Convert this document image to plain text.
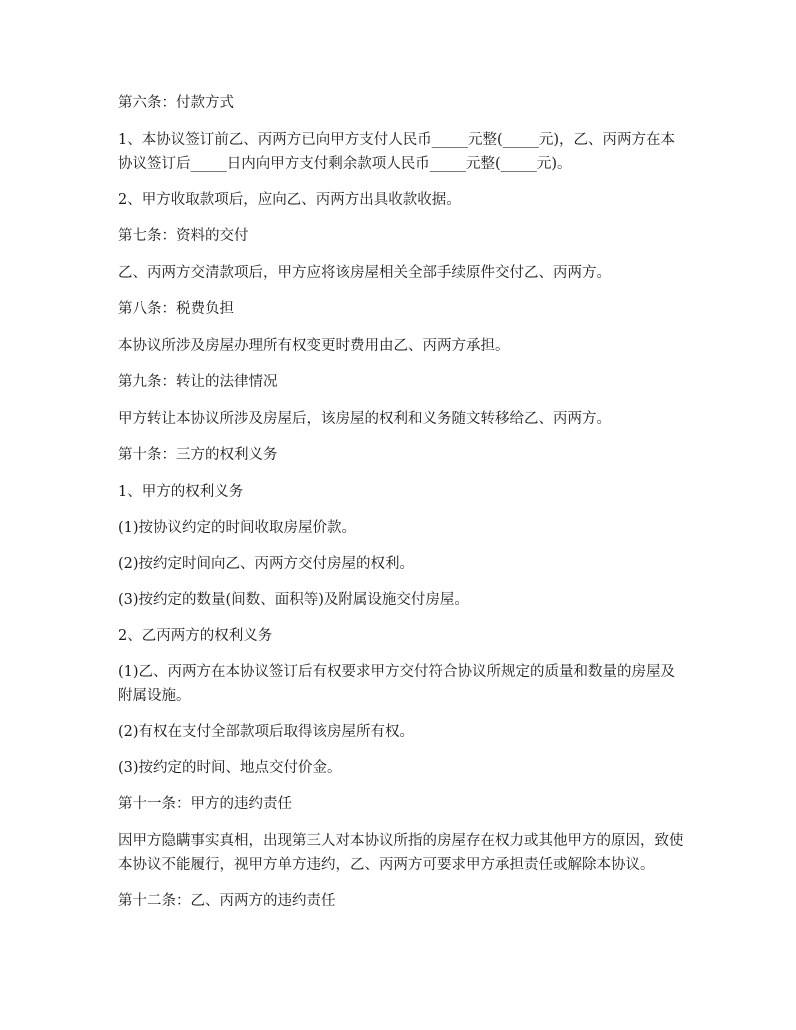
第六条：付款方式

1、本协议签订前乙、丙两方已向甲方支付人民币_____元整(_____元)，乙、丙两方在本协议签订后_____日内向甲方支付剩余款项人民币_____元整(_____元)。

2、甲方收取款项后，应向乙、丙两方出具收款收据。

第七条：资料的交付

乙、丙两方交清款项后，甲方应将该房屋相关全部手续原件交付乙、丙两方。

第八条：税费负担

本协议所涉及房屋办理所有权变更时费用由乙、丙两方承担。

第九条：转让的法律情况

甲方转让本协议所涉及房屋后，该房屋的权利和义务随文转移给乙、丙两方。

第十条：三方的权利义务

1、甲方的权利义务

(1)按协议约定的时间收取房屋价款。

(2)按约定时间向乙、丙两方交付房屋的权利。

(3)按约定的数量(间数、面积等)及附属设施交付房屋。

2、乙丙两方的权利义务

(1)乙、丙两方在本协议签订后有权要求甲方交付符合协议所规定的质量和数量的房屋及附属设施。

(2)有权在支付全部款项后取得该房屋所有权。

(3)按约定的时间、地点交付价金。

第十一条：甲方的违约责任

因甲方隐瞒事实真相，出现第三人对本协议所指的房屋存在权力或其他甲方的原因，致使本协议不能履行，视甲方单方违约，乙、丙两方可要求甲方承担责任或解除本协议。

第十二条：乙、丙两方的违约责任
